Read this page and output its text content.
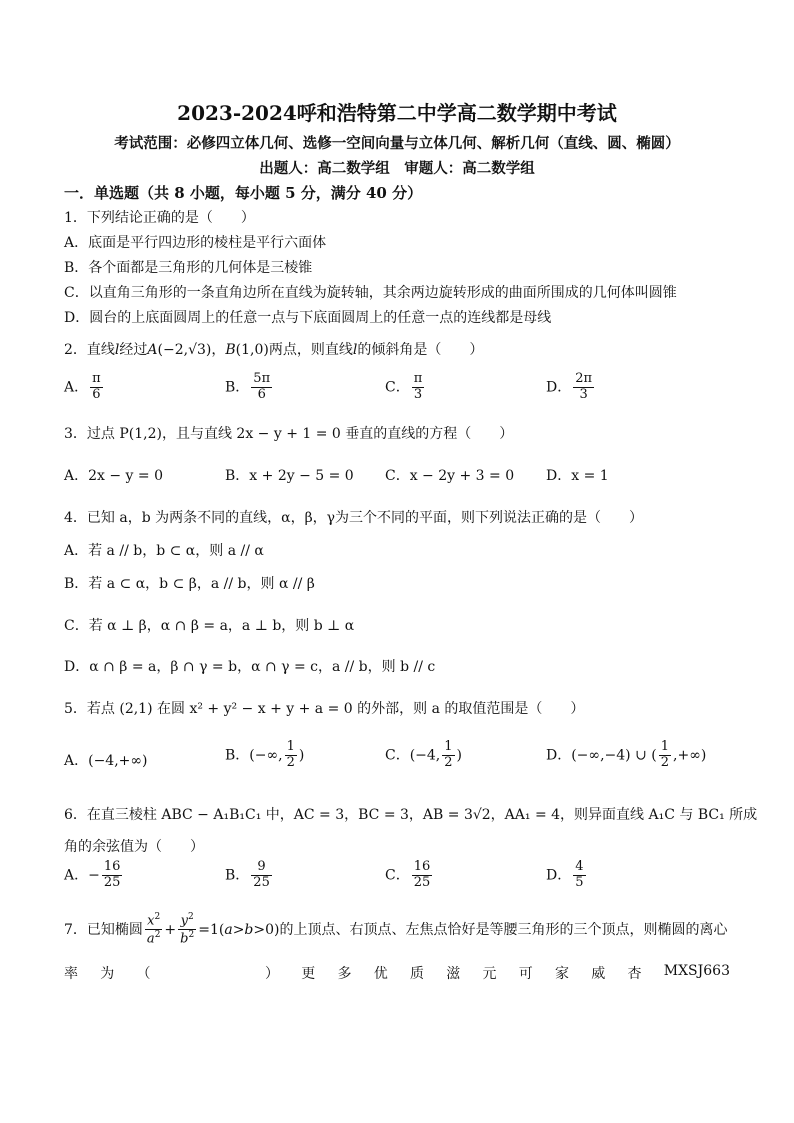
2023-2024呼和浩特第二中学高二数学期中考试
考试范围：必修四立体几何、选修一空间向量与立体几何、解析几何（直线、圆、椭圆）
出题人：高二数学组　审题人：高二数学组
一．单选题（共 8 小题，每小题 5 分，满分 40 分）
1．下列结论正确的是（　　）
A．底面是平行四边形的棱柱是平行六面体
B．各个面都是三角形的几何体是三棱锥
C．以直角三角形的一条直角边所在直线为旋转轴，其余两边旋转形成的曲面所围成的几何体叫圆锥
D．圆台的上底面圆周上的任意一点与下底面圆周上的任意一点的连线都是母线
2．直线l经过A(−2,√3)，B(1,0)两点，则直线l的倾斜角是（　　）
A． $\frac{\pi}{6}$	B． $\frac{5\pi}{6}$	C． $\frac{\pi}{3}$	D． $\frac{2\pi}{3}$
3．过点 P(1,2)，且与直线 2x − y + 1 = 0 垂直的直线的方程（　　）
A．2x − y = 0	B．x + 2y − 5 = 0 C．x − 2y + 3 = 0 D．x = 1
4．已知 a，b 为两条不同的直线，α，β，γ为三个不同的平面，则下列说法正确的是（　　）
A．若 a // b，b ⊂ α，则 a // α
B．若 a ⊂ α，b ⊂ β，a // b，则 α // β
C．若 α ⊥ β，α ∩ β = a，a ⊥ b，则 b ⊥ α
D．α ∩ β = a，β ∩ γ = b，α ∩ γ = c，a // b，则 b // c
5．若点 (2,1) 在圆 x² + y² − x + y + a = 0 的外部，则 a 的取值范围是（　　）
A．(−4,+∞)	B．(−∞, $\frac{1}{2}$ )	C．(−4, $\frac{1}{2}$ )	D．(−∞,−4) ∪ ( $\frac{1}{2}$ ,+∞)
6．在直三棱柱 ABC − A₁B₁C₁ 中，AC = 3，BC = 3，AB = 3√2，AA₁ = 4，则异面直线 A₁C 与 BC₁ 所成
角的余弦值为（　　）
A．− $\frac{16}{25}$	B． $\frac{9}{25}$	C． $\frac{16}{25}$	D． $\frac{4}{5}$
7．已知椭圆 $\frac{x^2}{a^2} + \frac{y^2}{b^2} =1(a>b>0)$的上顶点、右顶点、左焦点恰好是等腰三角形的三个顶点，则椭圆的离心
率 为 （	） 更 多 优 质 滋 元 可 家 威 杏 MXSJ663
